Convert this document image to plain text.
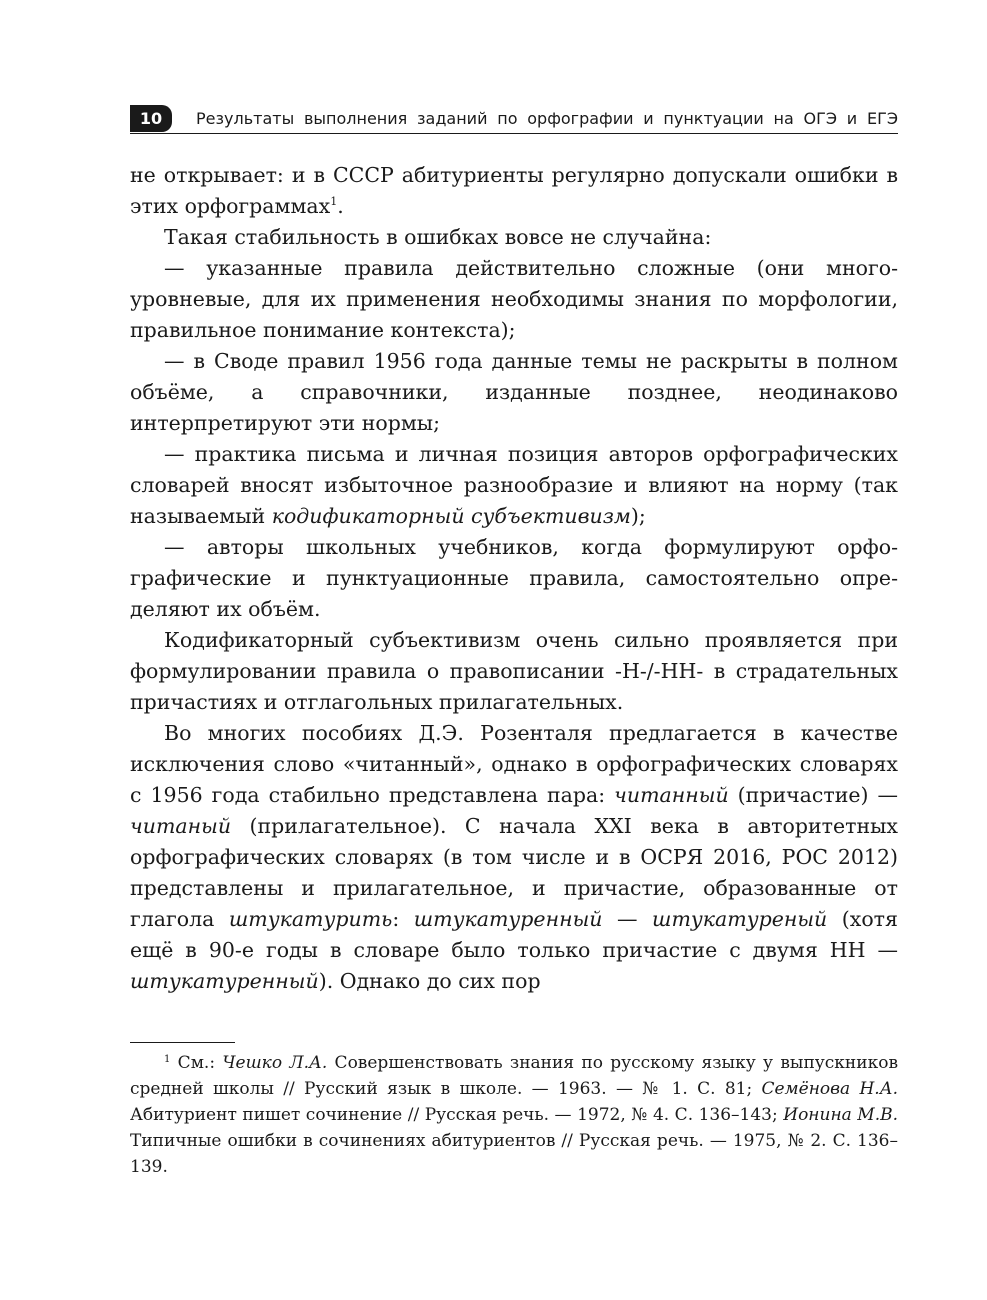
10	Результаты выполнения заданий по орфографии и пунктуации на ОГЭ и ЕГЭ

не открывает: и в СССР абитуриенты регулярно допускали ошибки в этих орфограммах$^1$.

Такая стабильность в ошибках вовсе не случайна:

— указанные правила действительно сложные (они многоуровневые, для их применения необходимы знания по морфологии, правильное понимание контекста);

— в Своде правил 1956 года данные темы не раскрыты в полном объёме, а справочники, изданные позднее, неодинаково интерпретируют эти нормы;

— практика письма и личная позиция авторов орфографических словарей вносят избыточное разнообразие и влияют на норму (так называемый кодификаторный субъективизм);

— авторы школьных учебников, когда формулируют орфографические и пунктуационные правила, самостоятельно определяют их объём.

Кодификаторный субъективизм очень сильно проявляется при формулировании правила о правописании -Н-/-НН- в страдательных причастиях и отглагольных прилагательных.

Во многих пособиях Д.Э. Розенталя предлагается в качестве исключения слово «читанный», однако в орфографических словарях с 1956 года стабильно представлена пара: читанный (причастие) — читаный (прилагательное). С начала XXI века в авторитетных орфографических словарях (в том числе и в ОСРЯ 2016, РОС 2012) представлены и прилагательное, и причастие, образованные от глагола штукатурить: штукатуренный — штукатуреный (хотя ещё в 90-е годы в словаре было только причастие с двумя НН — штукатуренный). Однако до сих пор

$^1$ См.: Чешко Л.А. Совершенствовать знания по русскому языку у выпускников средней школы // Русский язык в школе. — 1963. — № 1. С. 81; Семёнова Н.А. Абитуриент пишет сочинение // Русская речь. — 1972, № 4. С. 136–143; Ионина М.В. Типичные ошибки в сочинениях абитуриентов // Русская речь. — 1975, № 2. С. 136–139.
